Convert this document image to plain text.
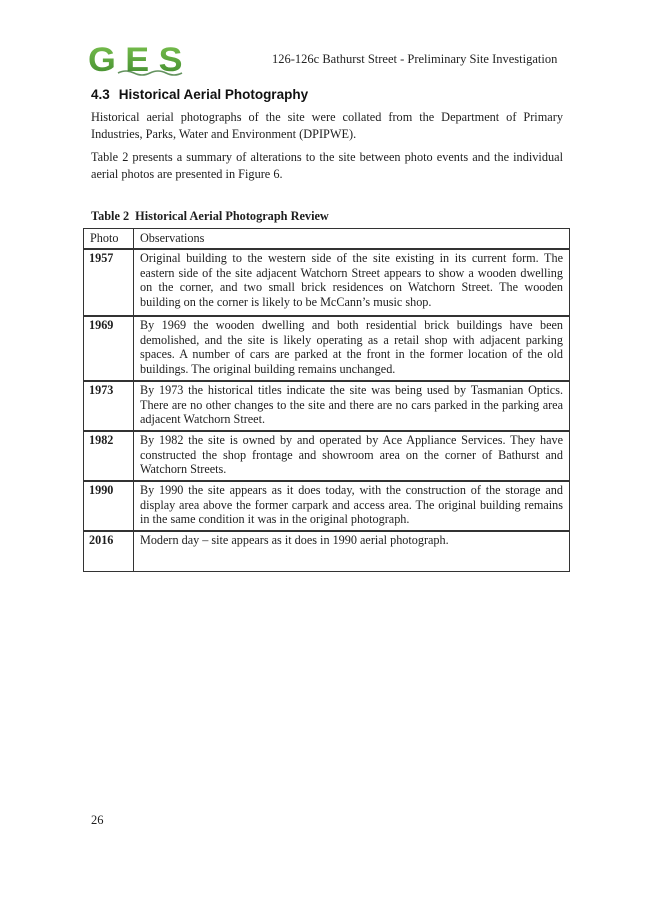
GES	126-126c Bathurst Street - Preliminary Site Investigation
4.3 Historical Aerial Photography

Historical aerial photographs of the site were collated from the Department of Primary Industries, Parks, Water and Environment (DPIPWE).

Table 2 presents a summary of alterations to the site between photo events and the individual aerial photos are presented in Figure 6.

Table 2 Historical Aerial Photograph Review
Photo	Observations
1957	Original building to the western side of the site existing in its current form. The eastern side of the site adjacent Watchorn Street appears to show a wooden dwelling on the corner, and two small brick residences on Watchorn Street. The wooden building on the corner is likely to be McCann’s music shop.
1969	By 1969 the wooden dwelling and both residential brick buildings have been demolished, and the site is likely operating as a retail shop with adjacent parking spaces. A number of cars are parked at the front in the former location of the old buildings. The original building remains unchanged.
1973	By 1973 the historical titles indicate the site was being used by Tasmanian Optics. There are no other changes to the site and there are no cars parked in the parking area adjacent Watchorn Street.
1982	By 1982 the site is owned by and operated by Ace Appliance Services. They have constructed the shop frontage and showroom area on the corner of Bathurst and Watchorn Streets.
1990	By 1990 the site appears as it does today, with the construction of the storage and display area above the former carpark and access area. The original building remains in the same condition it was in the original photograph.
2016	Modern day – site appears as it does in 1990 aerial photograph.
26
